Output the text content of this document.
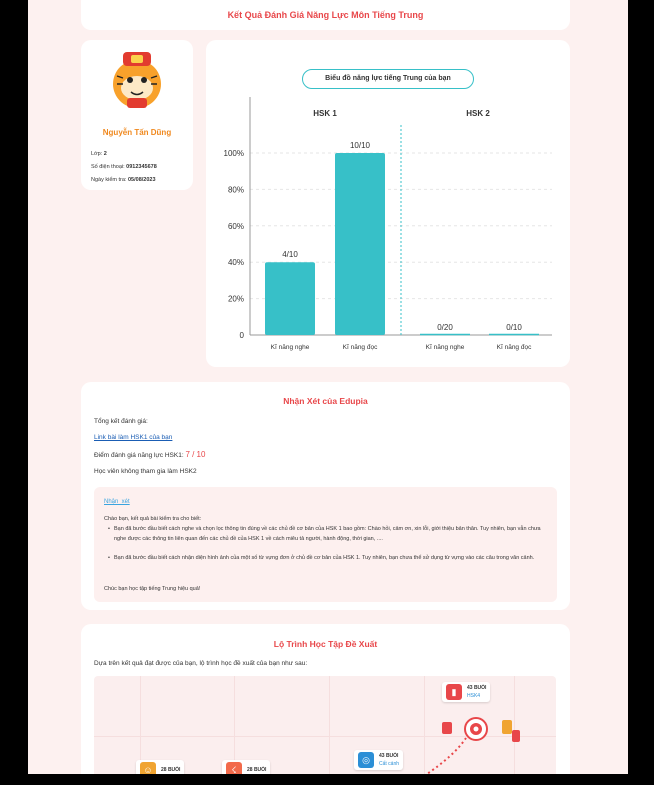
Kết Quả Đánh Giá Năng Lực Môn Tiếng Trung
Nguyễn Tấn Dũng
Lớp: 2
Số điện thoại: 0912345678
Ngày kiểm tra: 05/08/2023
Biểu đồ năng lực tiếng Trung của bạn
0
20%
40%
60%
80%
100%
HSK 1	HSK 2
4/10
Kĩ năng nghe
10/10
Kĩ năng đọc
0/20
Kĩ năng nghe
0/10
Kĩ năng đọc
Nhận Xét của Edupia
Tổng kết đánh giá:
Link bài làm HSK1 của bạn
Điểm đánh giá năng lực HSK1: 7 / 10
Học viên không tham gia làm HSK2
Nhận_xét
Chào bạn, kết quả bài kiểm tra cho biết:
• Bạn đã bước đầu biết cách nghe và chọn lọc thông tin đúng về các chủ đề cơ bản của HSK 1 bao gồm: Chào hỏi, cảm ơn, xin lỗi, giới thiệu bản thân. Tuy nhiên, bạn vẫn chưa nghe được các thông tin liên quan đến các chủ đề của HSK 1 về cách miêu tả người, hành động, thời gian, ....
• Bạn đã bước đầu biết cách nhận diện hình ảnh của một số từ vựng đơn ở chủ đề cơ bản của HSK 1. Tuy nhiên, bạn chưa thể sử dụng từ vựng vào các câu trong văn cảnh.
Chúc bạn học tập tiếng Trung hiệu quả!
Lộ Trình Học Tập Đề Xuất
Dựa trên kết quả đạt được của bạn, lộ trình học đề xuất của bạn như sau:
▮	43 BUỔI
HSK4
◎	43 BUỔI
Cất cánh
☇	28 BUỔI
☺	28 BUỔI
